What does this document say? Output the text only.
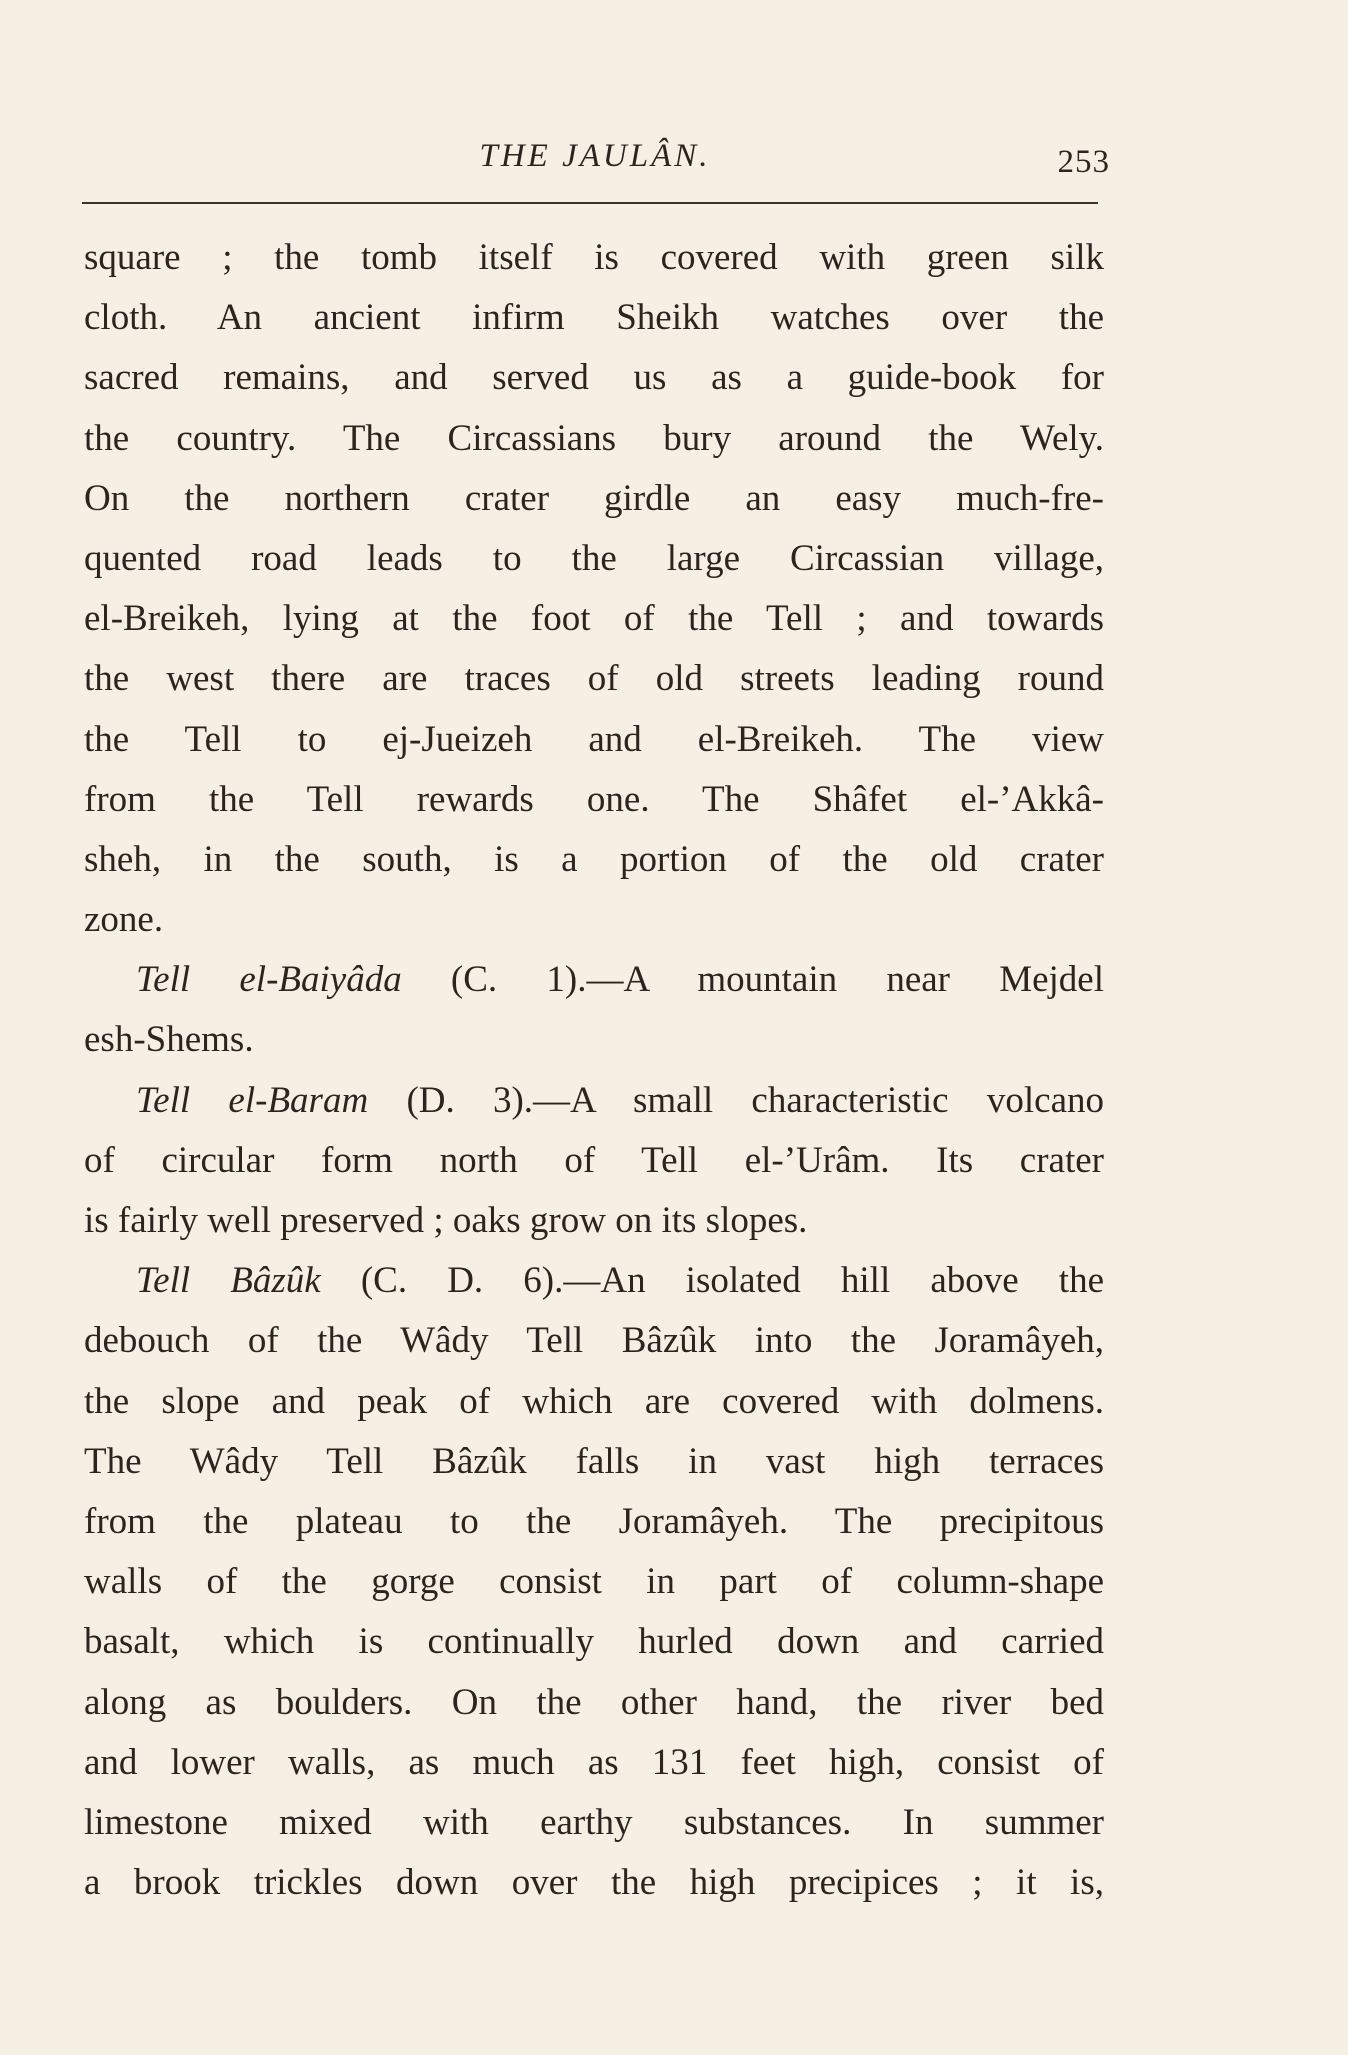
THE JAULÂN.	253
square ; the tomb itself is covered with green silk
cloth. An ancient infirm Sheikh watches over the
sacred remains, and served us as a guide-book for
the country. The Circassians bury around the Wely.
On the northern crater girdle an easy much-fre-
quented road leads to the large Circassian village,
el-Breikeh, lying at the foot of the Tell ; and towards
the west there are traces of old streets leading round
the Tell to ej-Jueizeh and el-Breikeh. The view
from the Tell rewards one. The Shâfet el-’Akkâ-
sheh, in the south, is a portion of the old crater
zone.
Tell el-Baiyâda (C. 1).—A mountain near Mejdel
esh-Shems.
Tell el-Baram (D. 3).—A small characteristic volcano
of circular form north of Tell el-’Urâm. Its crater
is fairly well preserved ; oaks grow on its slopes.
Tell Bâzûk (C. D. 6).—An isolated hill above the
debouch of the Wâdy Tell Bâzûk into the Joramâyeh,
the slope and peak of which are covered with dolmens.
The Wâdy Tell Bâzûk falls in vast high terraces
from the plateau to the Joramâyeh. The precipitous
walls of the gorge consist in part of column-shape
basalt, which is continually hurled down and carried
along as boulders. On the other hand, the river bed
and lower walls, as much as 131 feet high, consist of
limestone mixed with earthy substances. In summer
a brook trickles down over the high precipices ; it is,
